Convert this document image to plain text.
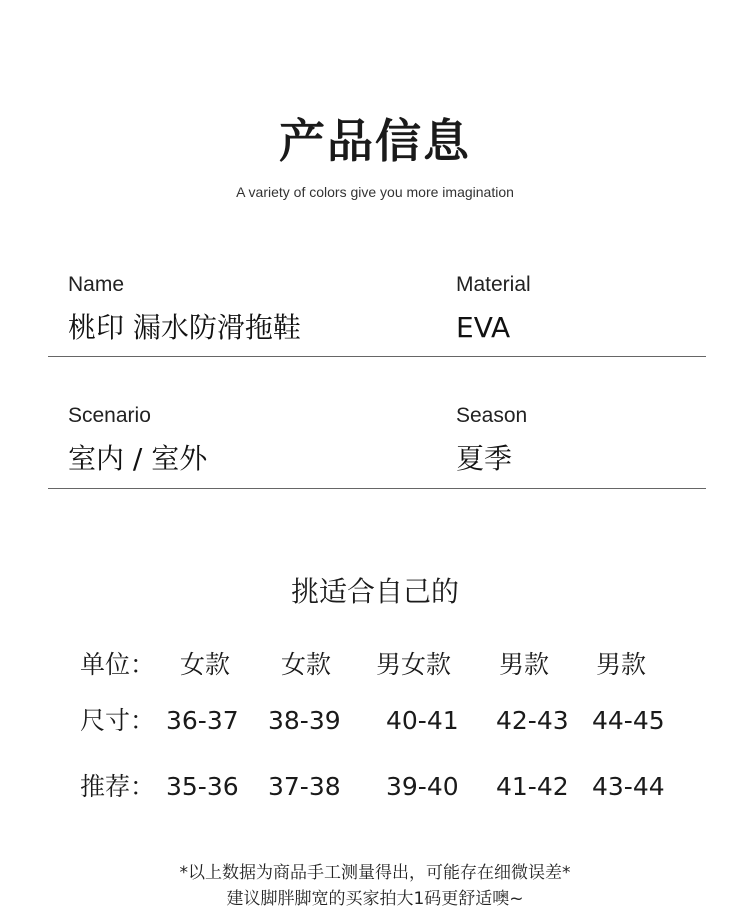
产品信息
A variety of colors give you more imagination
Name
桃印 漏水防滑拖鞋
Material
EVA
Scenario
室内 / 室外
Season
夏季
挑适合自己的
单位： 女款 女款 男女款 男款 男款
尺寸： 36-37 38-39 40-41 42-43 44-45
推荐： 35-36 37-38 39-40 41-42 43-44
*以上数据为商品手工测量得出，可能存在细微误差*
建议脚胖脚宽的买家拍大1码更舒适噢~
